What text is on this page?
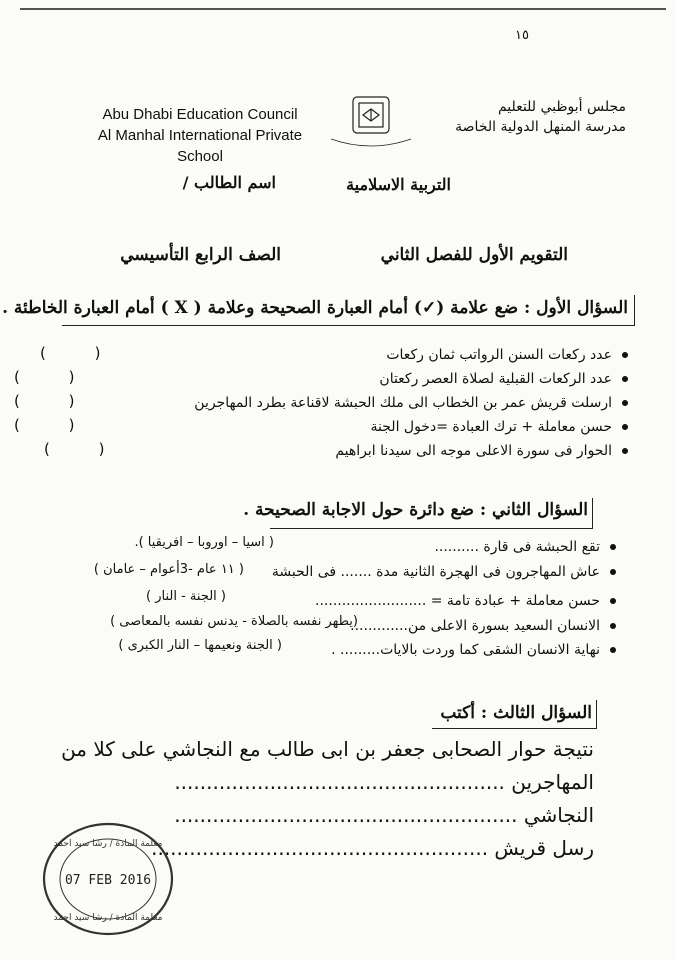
١٥
Abu Dhabi Education Council
Al Manhal International Private School
مجلس أبوظبي للتعليم
مدرسة المنهل الدولية الخاصة
التربية الاسلامية
اسم الطالب /
التقويم الأول للفصل الثاني
الصف الرابع التأسيسي
السؤال الأول : ضع علامة (✓) أمام العبارة الصحيحة وعلامة ( X ) أمام العبارة الخاطئة .
عدد ركعات السنن الرواتب ثمان ركعات
عدد الركعات القبلية لصلاة العصر ركعتان
ارسلت قريش عمر بن الخطاب الى ملك الحبشة لاقناعة بطرد المهاجرين
حسن معاملة + ترك العبادة =دخول الجنة
الحوار فى سورة الاعلى موجه الى سيدنا ابراهيم
( )
( )
( )
( )
( )
السؤال الثاني : ضع دائرة حول الاجابة الصحيحة .
تقع الحبشة فى قارة ..........
( اسيا – اوروبا – افريقيا ).
عاش المهاجرون فى الهجرة الثانية مدة ....... فى الحبشة
( ١١ عام -3أعوام – عامان )
حسن معاملة + عبادة تامة = .........................
( الجنة - النار )
الانسان السعيد بسورة الاعلى من.............
(يطهر نفسه بالصلاة - يدنس نفسه بالمعاصى )
نهاية الانسان الشقى كما وردت بالايات......... .
( الجنة ونعيمها – النار الكبرى )
السؤال الثالث : أكتب
نتيجة حوار الصحابى جعفر بن ابى طالب مع النجاشي على كلا من
المهاجرين ....................................................
النجاشي ......................................................
رسل قريش .....................................................
معلمة المادة / رشا سيد احمد
07 FEB 2016
معلمة المادة / رشا سيد احمد
